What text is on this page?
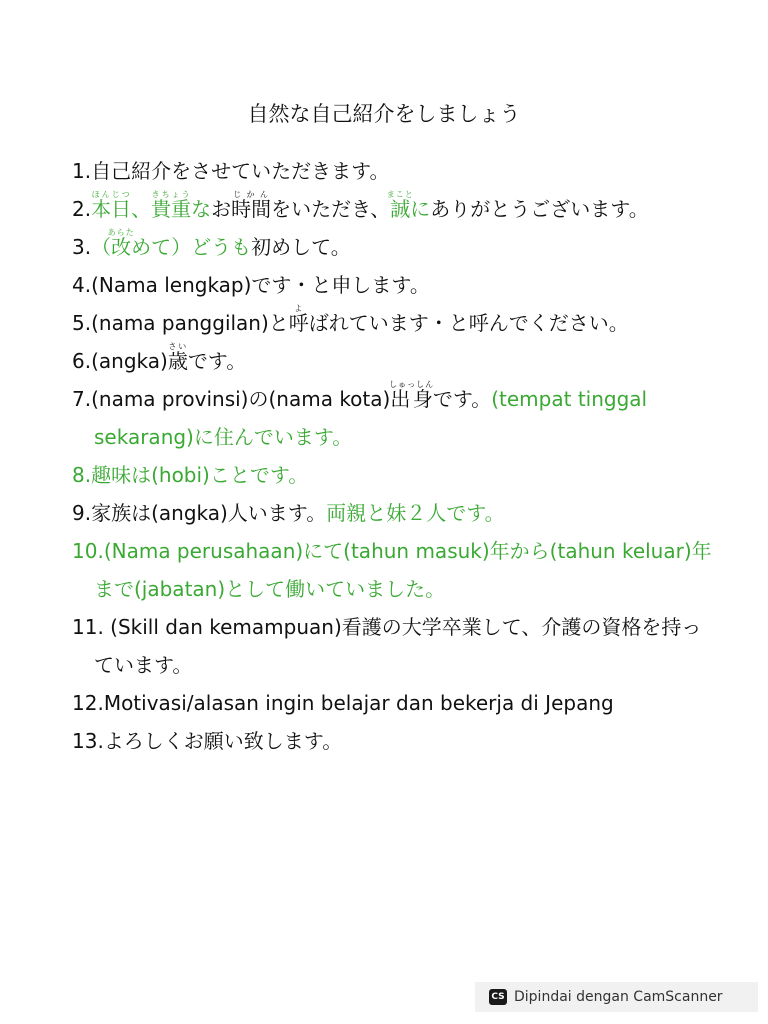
自然な自己紹介をしましょう
1.自己紹介をさせていただきます。
2.本日ほんじつ、貴重きちょうなお時間じかんをいただき、誠まことにありがとうございます。
3.（改あらためて）どうも初めして。
4.(Nama lengkap)です・と申します。
5.(nama panggilan)と呼よばれています・と呼んでください。
6.(angka)歳さいです。
7.(nama provinsi)の(nama kota)出身しゅっしんです。(tempat tinggal sekarang)に住んでいます。
8.趣味は(hobi)ことです。
9.家族は(angka)人います。両親と妹２人です。
10.(Nama perusahaan)にて(tahun masuk)年から(tahun keluar)年まで(jabatan)として働いていました。
11. (Skill dan kemampuan)看護の大学卒業して、介護の資格を持っています。
12.Motivasi/alasan ingin belajar dan bekerja di Jepang
13.よろしくお願い致します。
CS Dipindai dengan CamScanner
